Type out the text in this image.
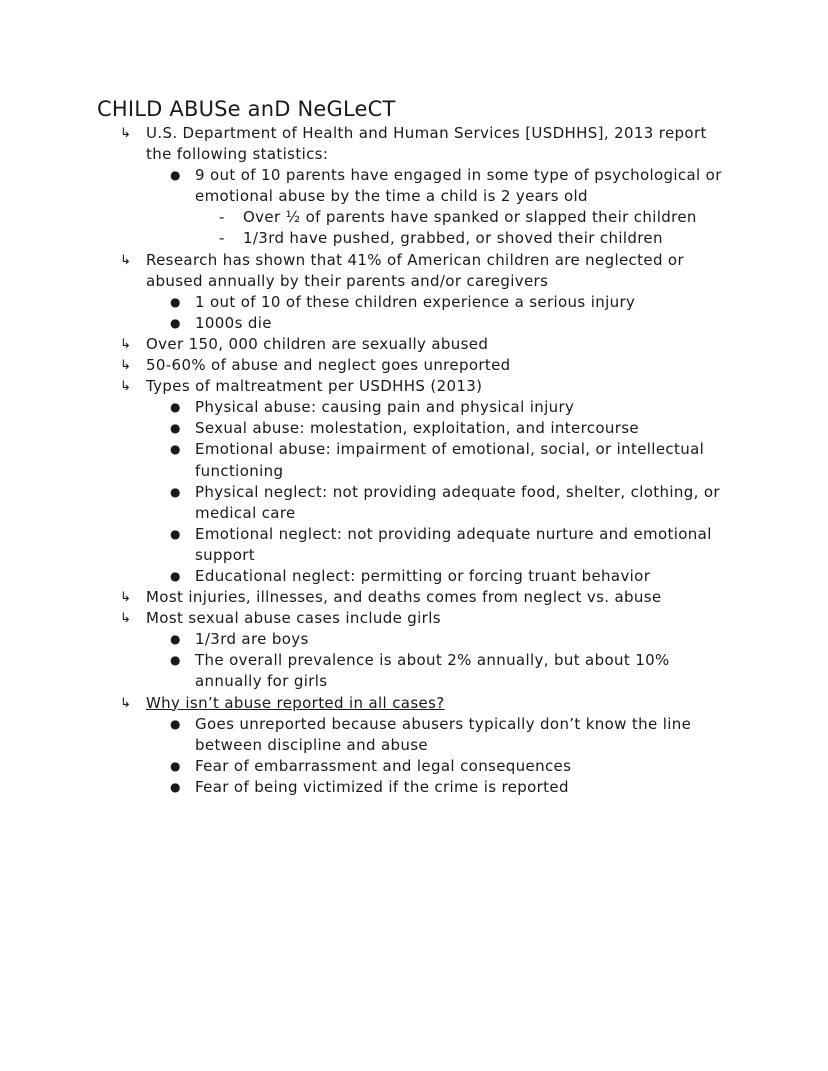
CHILD ABUSe anD NeGLeCT
↳ U.S. Department of Health and Human Services [USDHHS], 2013 report the following statistics:
● 9 out of 10 parents have engaged in some type of psychological or emotional abuse by the time a child is 2 years old
- Over ½ of parents have spanked or slapped their children
- 1/3rd have pushed, grabbed, or shoved their children
↳ Research has shown that 41% of American children are neglected or abused annually by their parents and/or caregivers
● 1 out of 10 of these children experience a serious injury
● 1000s die
↳ Over 150, 000 children are sexually abused
↳ 50-60% of abuse and neglect goes unreported
↳ Types of maltreatment per USDHHS (2013)
● Physical abuse: causing pain and physical injury
● Sexual abuse: molestation, exploitation, and intercourse
● Emotional abuse: impairment of emotional, social, or intellectual functioning
● Physical neglect: not providing adequate food, shelter, clothing, or medical care
● Emotional neglect: not providing adequate nurture and emotional support
● Educational neglect: permitting or forcing truant behavior
↳ Most injuries, illnesses, and deaths comes from neglect vs. abuse
↳ Most sexual abuse cases include girls
● 1/3rd are boys
● The overall prevalence is about 2% annually, but about 10% annually for girls
↳ Why isn’t abuse reported in all cases?
● Goes unreported because abusers typically don’t know the line between discipline and abuse
● Fear of embarrassment and legal consequences
● Fear of being victimized if the crime is reported
